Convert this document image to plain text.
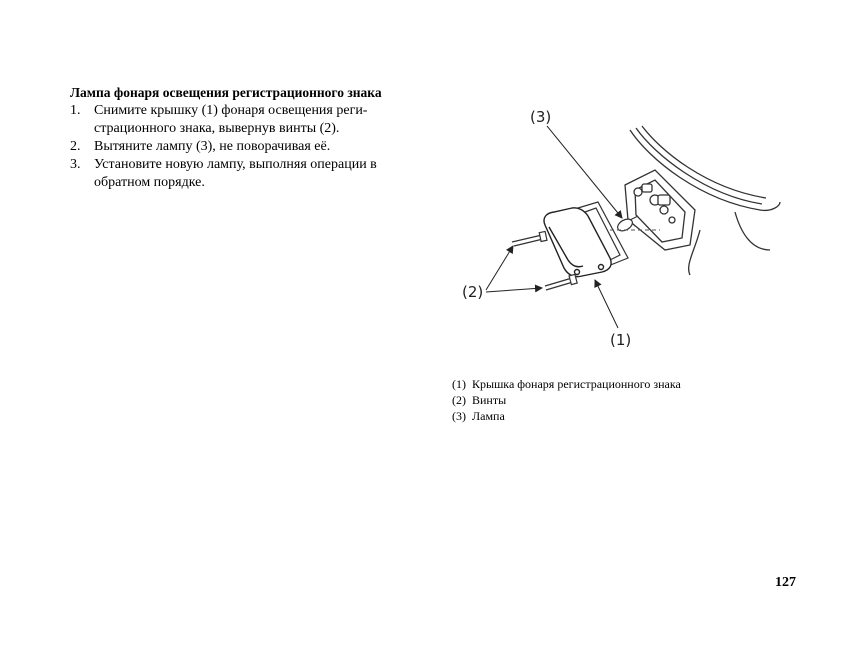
Лампа фонаря освещения регистрационного знака
1. Снимите крышку (1) фонаря освещения реги-
страционного знака, вывернув винты (2).
2. Вытяните лампу (3), не поворачивая её.
3. Установите новую лампу, выполняя операции в
обратном порядке.
(3)
(2)
(1)
(1) Крышка фонаря регистрационного знака
(2) Винты
(3) Лампа
127
